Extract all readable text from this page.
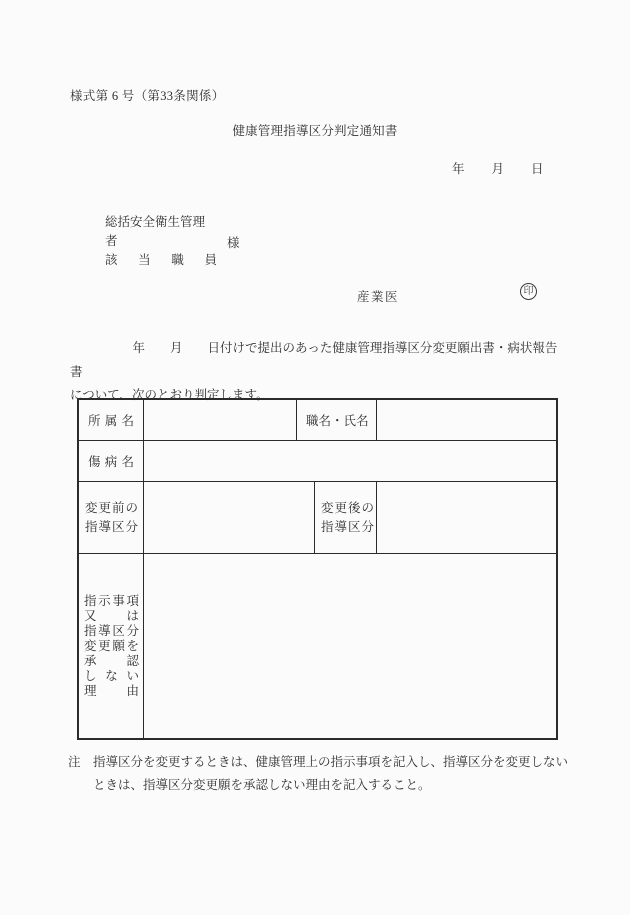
様式第 6 号（第33条関係）
健康管理指導区分判定通知書
年 月 日
総括安全衛生管理者
該 当 職 員
様
産業医	印
　　　　　年　　月　　日付けで提出のあった健康管理指導区分変更願出書・病状報告書
について、次のとおり判定します。
所 属 名	職 名 ・ 氏 名
傷 病 名
変更前の
指導区分
変更後の
指導区分
指 示 事 項
又 は
指 導 区 分
変 更 願 を
承 認
し な い
理 由
注　指導区分を変更するときは、健康管理上の指示事項を記入し、指導区分を変更しない
　　ときは、指導区分変更願を承認しない理由を記入すること。
